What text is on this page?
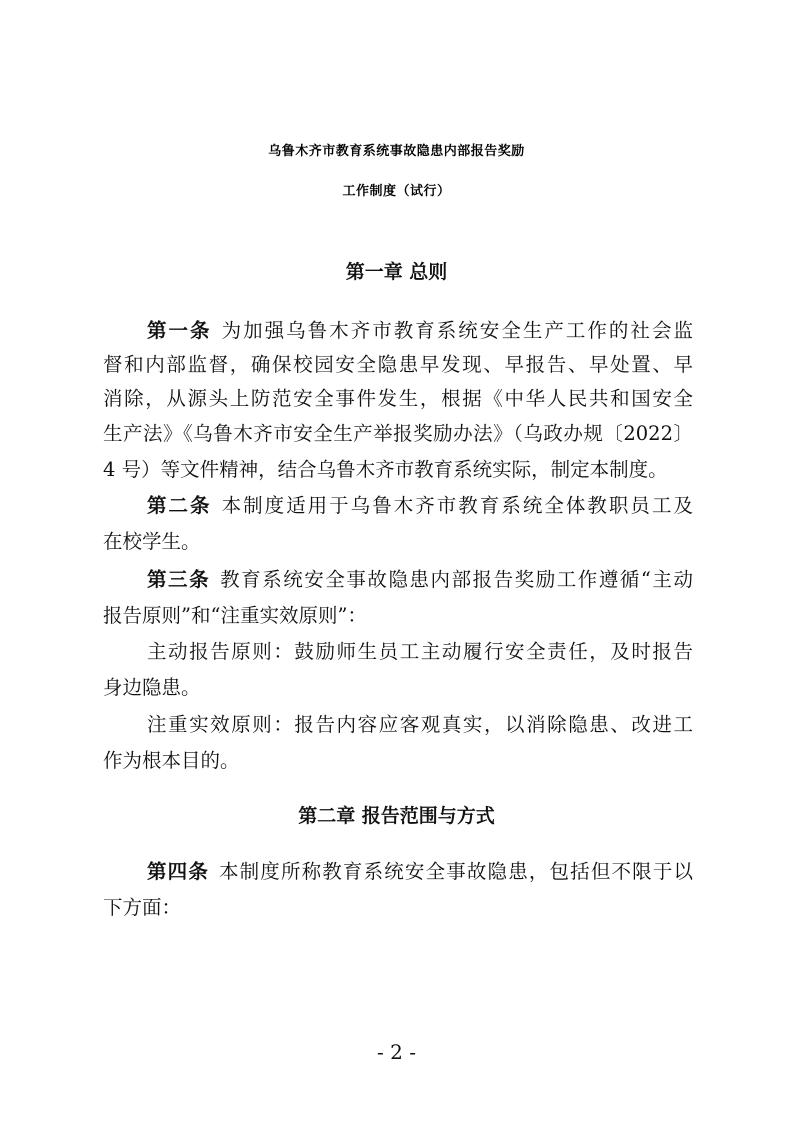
乌鲁木齐市教育系统事故隐患内部报告奖励
工作制度（试行）
第一章 总则
第一条 为加强乌鲁木齐市教育系统安全生产工作的社会监
督和内部监督，确保校园安全隐患早发现、早报告、早处置、早
消除，从源头上防范安全事件发生，根据《中华人民共和国安全
生产法》《乌鲁木齐市安全生产举报奖励办法》（乌政办规〔2022〕
4 号）等文件精神，结合乌鲁木齐市教育系统实际，制定本制度。
第二条 本制度适用于乌鲁木齐市教育系统全体教职员工及
在校学生。
第三条 教育系统安全事故隐患内部报告奖励工作遵循“主动
报告原则”和“注重实效原则”：
主动报告原则：鼓励师生员工主动履行安全责任，及时报告
身边隐患。
注重实效原则：报告内容应客观真实，以消除隐患、改进工
作为根本目的。
第二章 报告范围与方式
第四条 本制度所称教育系统安全事故隐患，包括但不限于以
下方面：
- 2 -
